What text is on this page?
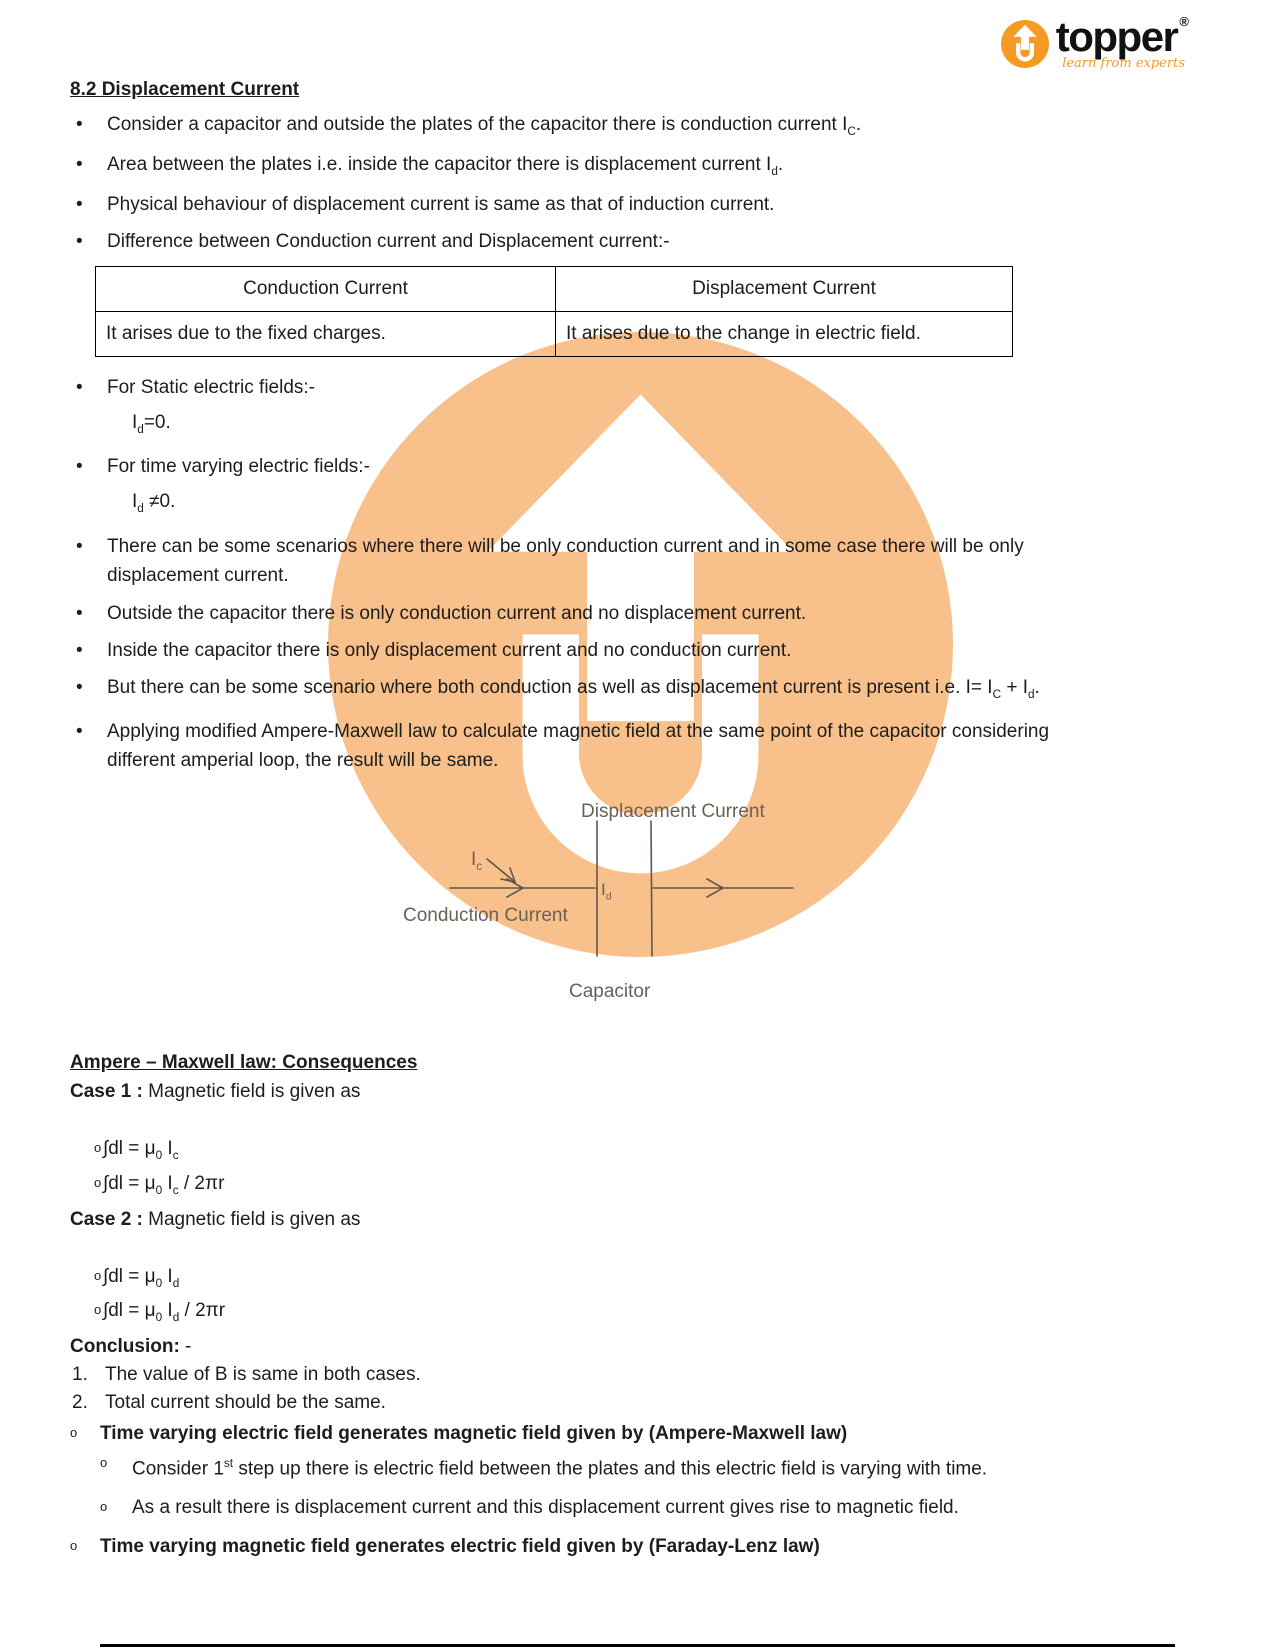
topper ®
learn from experts
8.2 Displacement Current
•

Consider a capacitor and outside the plates of the capacitor there is conduction current $I_C$.

•

Area between the plates i.e. inside the capacitor there is displacement current $I_d$.

•

Physical behaviour of displacement current is same as that of induction current.

•

Difference between Conduction current and Displacement current:-

Conduction Current	Displacement Current
It arises due to the fixed charges.	It arises due to the change in electric field.
•

For Static electric fields:-

$I_d=0$.
•

For time varying electric fields:-

$I_d \ne 0$.
•

There can be some scenarios where there will be only conduction current and in some case there will be only displacement current.

•

Outside the capacitor there is only conduction current and no displacement current.

•

Inside the capacitor there is only displacement current and no conduction current.

•

But there can be some scenario where both conduction as well as displacement current is present i.e. $I= I_C + I_d$.

•

Applying modified Ampere-Maxwell law to calculate magnetic field at the same point of the capacitor considering different amperial loop, the result will be same.

Displacement Current
$I_c$
$I_d$
Conduction Current
Capacitor
Ampere – Maxwell law: Consequences
Case 1 : Magnetic field is given as
o
$\int dl = \mu_0$ $I_c$
o
$\int dl = \mu_0$ $I_c / 2\pi r$
Case 2 : Magnetic field is given as
o
$\int dl = \mu_0$ $I_d$
o
$\int dl = \mu_0$ $I_d / 2\pi r$
Conclusion: -
1. The value of B is same in both cases.
2. Total current should be the same.
o

Time varying electric field generates magnetic field given by (Ampere-Maxwell law)

o

Consider 1st step up there is electric field between the plates and this electric field is varying with time.

o

As a result there is displacement current and this displacement current gives rise to magnetic field.

o

Time varying magnetic field generates electric field given by (Faraday-Lenz law)
